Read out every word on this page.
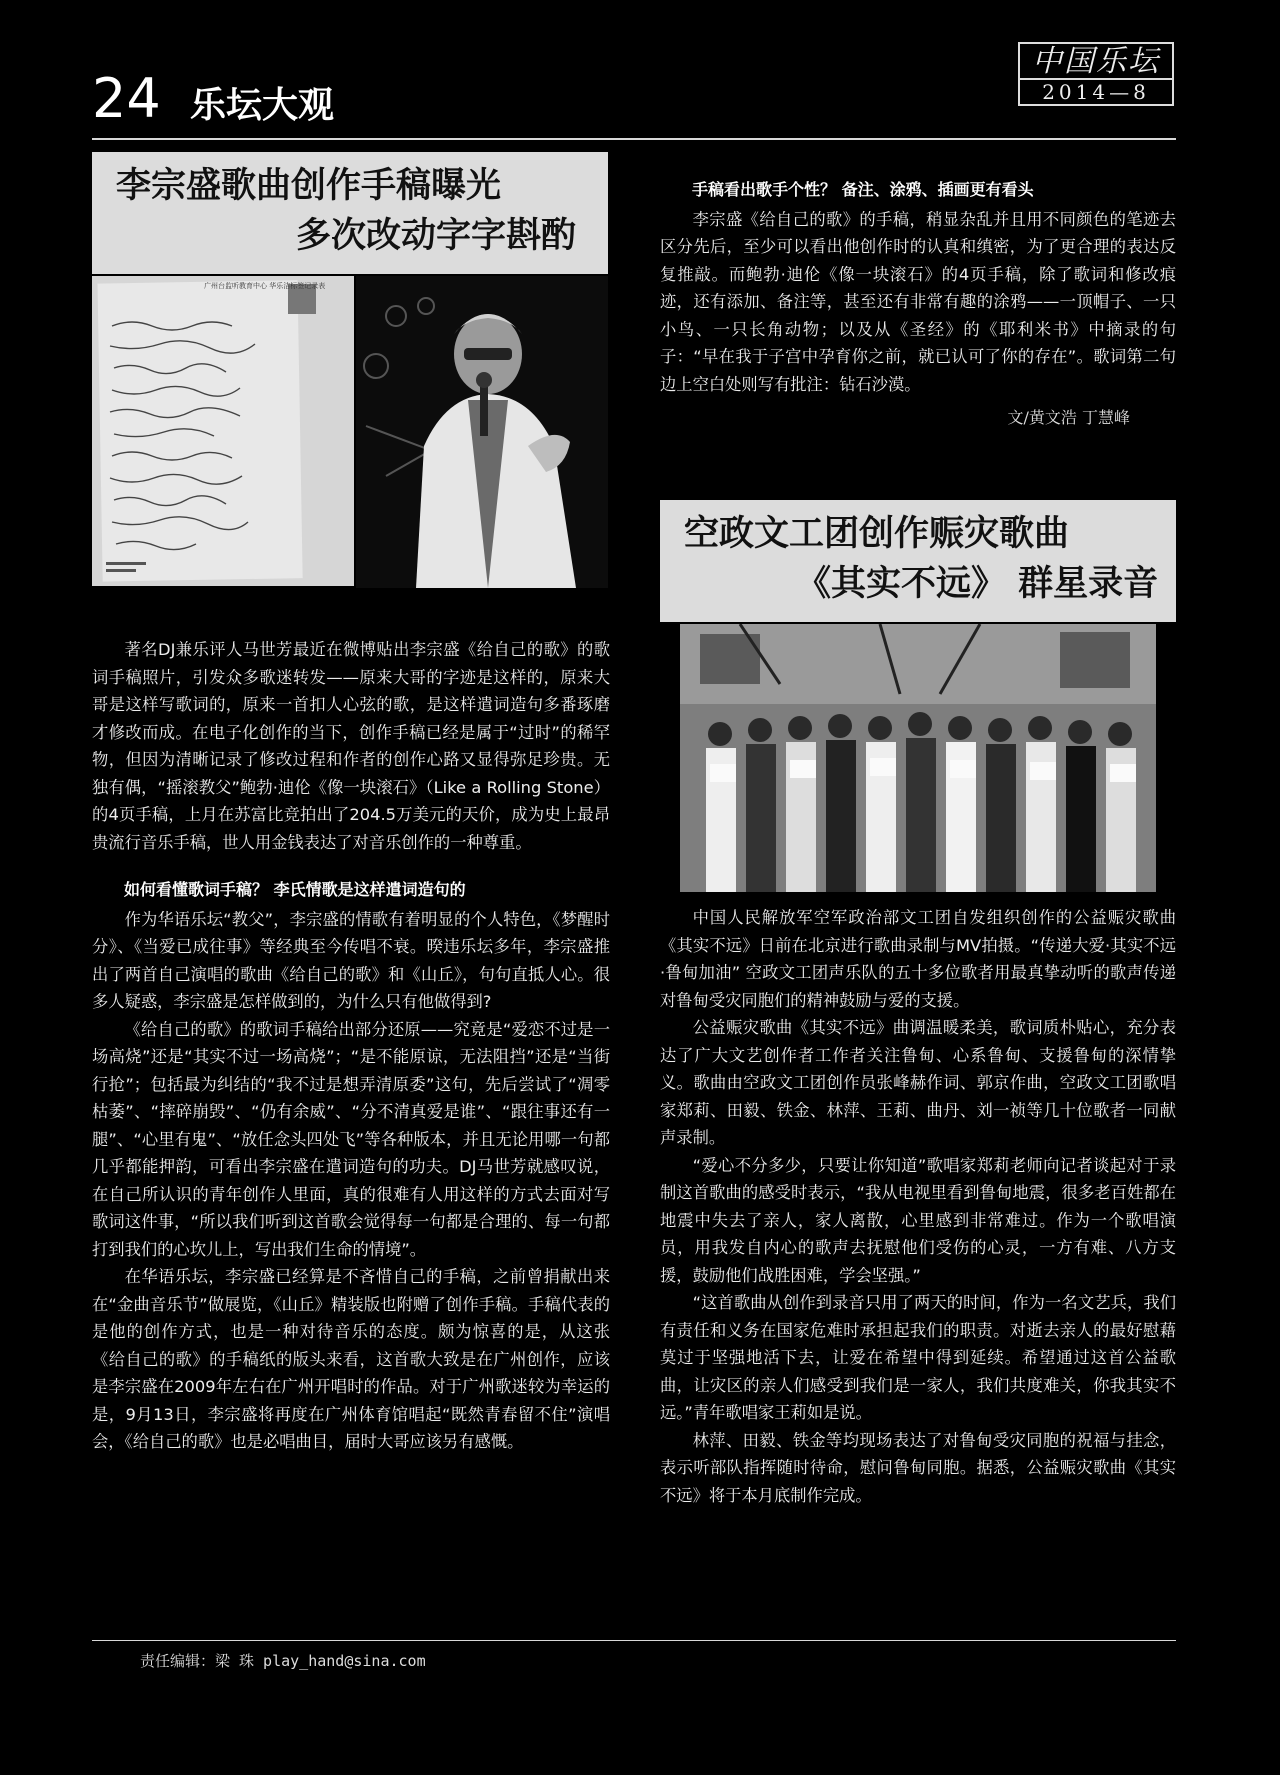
24 乐坛大观
中国乐坛
2014—8
李宗盛歌曲创作手稿曝光
多次改动字字斟酌
广州台监听教育中心 华乐洁标签记录表

著名DJ兼乐评人马世芳最近在微博贴出李宗盛《给自己的歌》的歌词手稿照片，引发众多歌迷转发——原来大哥的字迹是这样的，原来大哥是这样写歌词的，原来一首扣人心弦的歌，是这样遣词造句多番琢磨才修改而成。在电子化创作的当下，创作手稿已经是属于“过时”的稀罕物，但因为清晰记录了修改过程和作者的创作心路又显得弥足珍贵。无独有偶，“摇滚教父”鲍勃·迪伦《像一块滚石》（Like a Rolling Stone）的4页手稿，上月在苏富比竞拍出了204.5万美元的天价，成为史上最昂贵流行音乐手稿，世人用金钱表达了对音乐创作的一种尊重。

如何看懂歌词手稿？ 李氏情歌是这样遣词造句的

作为华语乐坛“教父”，李宗盛的情歌有着明显的个人特色，《梦醒时分》、《当爱已成往事》等经典至今传唱不衰。暌违乐坛多年，李宗盛推出了两首自己演唱的歌曲《给自己的歌》和《山丘》，句句直抵人心。很多人疑惑，李宗盛是怎样做到的，为什么只有他做得到?

《给自己的歌》的歌词手稿给出部分还原——究竟是“爱恋不过是一场高烧”还是“其实不过一场高烧”；“是不能原谅，无法阻挡”还是“当街行抢”；包括最为纠结的“我不过是想弄清原委”这句，先后尝试了“凋零枯萎”、“摔碎崩毁”、“仍有余威”、“分不清真爱是谁”、“跟往事还有一腿”、“心里有鬼”、“放任念头四处飞”等各种版本，并且无论用哪一句都几乎都能押韵，可看出李宗盛在遣词造句的功夫。DJ马世芳就感叹说，在自己所认识的青年创作人里面，真的很难有人用这样的方式去面对写歌词这件事，“所以我们听到这首歌会觉得每一句都是合理的、每一句都打到我们的心坎儿上，写出我们生命的情境”。

在华语乐坛，李宗盛已经算是不吝惜自己的手稿，之前曾捐献出来在“金曲音乐节”做展览，《山丘》精装版也附赠了创作手稿。手稿代表的是他的创作方式，也是一种对待音乐的态度。颇为惊喜的是，从这张《给自己的歌》的手稿纸的版头来看，这首歌大致是在广州创作，应该是李宗盛在2009年左右在广州开唱时的作品。对于广州歌迷较为幸运的是，9月13日，李宗盛将再度在广州体育馆唱起“既然青春留不住”演唱会，《给自己的歌》也是必唱曲目，届时大哥应该另有感慨。

手稿看出歌手个性？ 备注、涂鸦、插画更有看头

李宗盛《给自己的歌》的手稿，稍显杂乱并且用不同颜色的笔迹去区分先后，至少可以看出他创作时的认真和缜密，为了更合理的表达反复推敲。而鲍勃·迪伦《像一块滚石》的4页手稿，除了歌词和修改痕迹，还有添加、备注等，甚至还有非常有趣的涂鸦——一顶帽子、一只小鸟、一只长角动物；以及从《圣经》的《耶利米书》中摘录的句子：“早在我于子宫中孕育你之前，就已认可了你的存在”。歌词第二句边上空白处则写有批注：钻石沙漠。

文/黄文浩 丁慧峰
空政文工团创作赈灾歌曲
《其实不远》 群星录音

中国人民解放军空军政治部文工团自发组织创作的公益赈灾歌曲《其实不远》日前在北京进行歌曲录制与MV拍摄。“传递大爱·其实不远·鲁甸加油” 空政文工团声乐队的五十多位歌者用最真挚动听的歌声传递对鲁甸受灾同胞们的精神鼓励与爱的支援。

公益赈灾歌曲《其实不远》曲调温暖柔美，歌词质朴贴心，充分表达了广大文艺创作者工作者关注鲁甸、心系鲁甸、支援鲁甸的深情挚义。歌曲由空政文工团创作员张峰赫作词、郭京作曲，空政文工团歌唱家郑莉、田毅、铁金、林萍、王莉、曲丹、刘一祯等几十位歌者一同献声录制。

“爱心不分多少，只要让你知道”歌唱家郑莉老师向记者谈起对于录制这首歌曲的感受时表示，“我从电视里看到鲁甸地震，很多老百姓都在地震中失去了亲人，家人离散，心里感到非常难过。作为一个歌唱演员，用我发自内心的歌声去抚慰他们受伤的心灵，一方有难、八方支援，鼓励他们战胜困难，学会坚强。”

“这首歌曲从创作到录音只用了两天的时间，作为一名文艺兵，我们有责任和义务在国家危难时承担起我们的职责。对逝去亲人的最好慰藉莫过于坚强地活下去，让爱在希望中得到延续。希望通过这首公益歌曲，让灾区的亲人们感受到我们是一家人，我们共度难关，你我其实不远。”青年歌唱家王莉如是说。

林萍、田毅、铁金等均现场表达了对鲁甸受灾同胞的祝福与挂念，表示听部队指挥随时待命，慰问鲁甸同胞。据悉，公益赈灾歌曲《其实不远》将于本月底制作完成。

责任编辑：梁 珠 play_hand@sina.com
